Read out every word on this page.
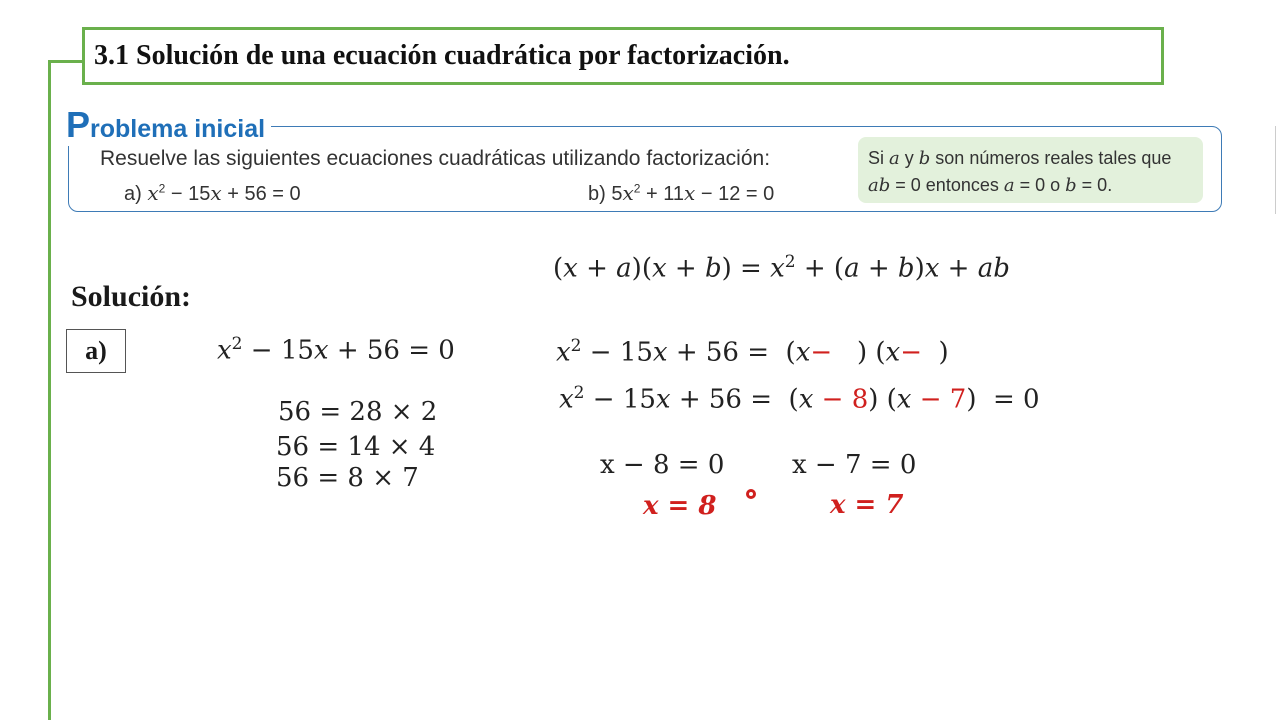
3.1 Solución de una ecuación cuadrática por factorización.
Problema inicial
Resuelve las siguientes ecuaciones cuadráticas utilizando factorización:
a) $x^2 - 15x + 56 = 0$	b) $5x^2 + 11x - 12 = 0$
Si a y b son números reales tales que
ab = 0 entonces a = 0 o b = 0.
$(x + a)(x + b) = x^2 + (a + b)x$ + ab
Solución:
a)	$x^2 - 15x + 56 = 0$
56 = 28 × 2
56 = 14 × 4
56 = 8 × 7
$x^2 - 15x + 56 = (x-$   ) (x−  )
$x^2 - 15x + 56 = (x - 8) (x - 7) = 0$
x − 8 = 0	x − 7 = 0
x = 8	x = 7
